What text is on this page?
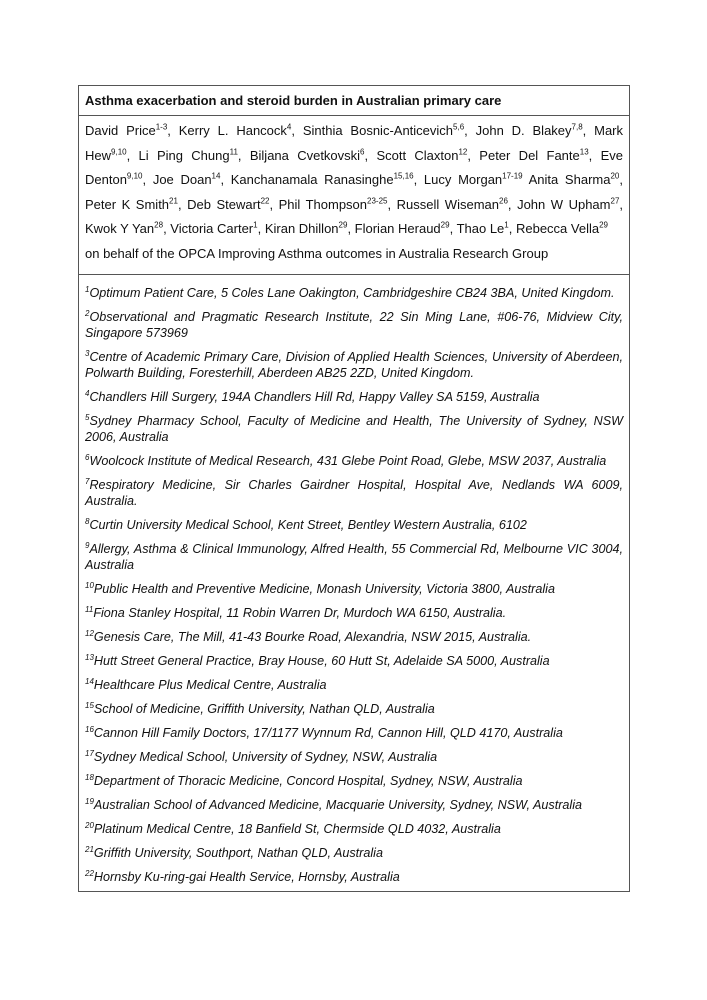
Asthma exacerbation and steroid burden in Australian primary care
David Price$^{1-3}$, Kerry L. Hancock$^4$, Sinthia Bosnic-Anticevich$^{5,6}$, John D. Blakey$^{7,8}$, Mark Hew$^{9,10}$, Li Ping Chung$^{11}$, Biljana Cvetkovski$^6$, Scott Claxton$^{12}$, Peter Del Fante$^{13}$, Eve Denton$^{9,10}$, Joe Doan$^{14}$, Kanchanamala Ranasinghe$^{15,16}$, Lucy Morgan$^{17-19}$ Anita Sharma$^{20}$, Peter K Smith$^{21}$, Deb Stewart$^{22}$, Phil Thompson$^{23-25}$, Russell Wiseman$^{26}$, John W Upham$^{27}$, Kwok Y Yan$^{28}$, Victoria Carter$^1$, Kiran Dhillon$^{29}$, Florian Heraud$^{29}$, Thao Le$^1$, Rebecca Vella$^{29}$
on behalf of the OPCA Improving Asthma outcomes in Australia Research Group

$^1$Optimum Patient Care, 5 Coles Lane Oakington, Cambridgeshire CB24 3BA, United Kingdom.

$^2$Observational and Pragmatic Research Institute, 22 Sin Ming Lane, #06-76, Midview City, Singapore 573969

$^3$Centre of Academic Primary Care, Division of Applied Health Sciences, University of Aberdeen, Polwarth Building, Foresterhill, Aberdeen AB25 2ZD, United Kingdom.

$^4$Chandlers Hill Surgery, 194A Chandlers Hill Rd, Happy Valley SA 5159, Australia

$^5$Sydney Pharmacy School, Faculty of Medicine and Health, The University of Sydney, NSW 2006, Australia

$^6$Woolcock Institute of Medical Research, 431 Glebe Point Road, Glebe, MSW 2037, Australia

$^7$Respiratory Medicine, Sir Charles Gairdner Hospital, Hospital Ave, Nedlands WA 6009, Australia.

$^8$Curtin University Medical School, Kent Street, Bentley Western Australia, 6102

$^9$Allergy, Asthma & Clinical Immunology, Alfred Health, 55 Commercial Rd, Melbourne VIC 3004, Australia

$^{10}$Public Health and Preventive Medicine, Monash University, Victoria 3800, Australia

$^{11}$Fiona Stanley Hospital, 11 Robin Warren Dr, Murdoch WA 6150, Australia.

$^{12}$Genesis Care, The Mill, 41-43 Bourke Road, Alexandria, NSW 2015, Australia.

$^{13}$Hutt Street General Practice, Bray House, 60 Hutt St, Adelaide SA 5000, Australia

$^{14}$Healthcare Plus Medical Centre, Australia

$^{15}$School of Medicine, Griffith University, Nathan QLD, Australia

$^{16}$Cannon Hill Family Doctors, 17/1177 Wynnum Rd, Cannon Hill, QLD 4170, Australia

$^{17}$Sydney Medical School, University of Sydney, NSW, Australia

$^{18}$Department of Thoracic Medicine, Concord Hospital, Sydney, NSW, Australia

$^{19}$Australian School of Advanced Medicine, Macquarie University, Sydney, NSW, Australia

$^{20}$Platinum Medical Centre, 18 Banfield St, Chermside QLD 4032, Australia

$^{21}$Griffith University, Southport, Nathan QLD, Australia

$^{22}$Hornsby Ku-ring-gai Health Service, Hornsby, Australia
